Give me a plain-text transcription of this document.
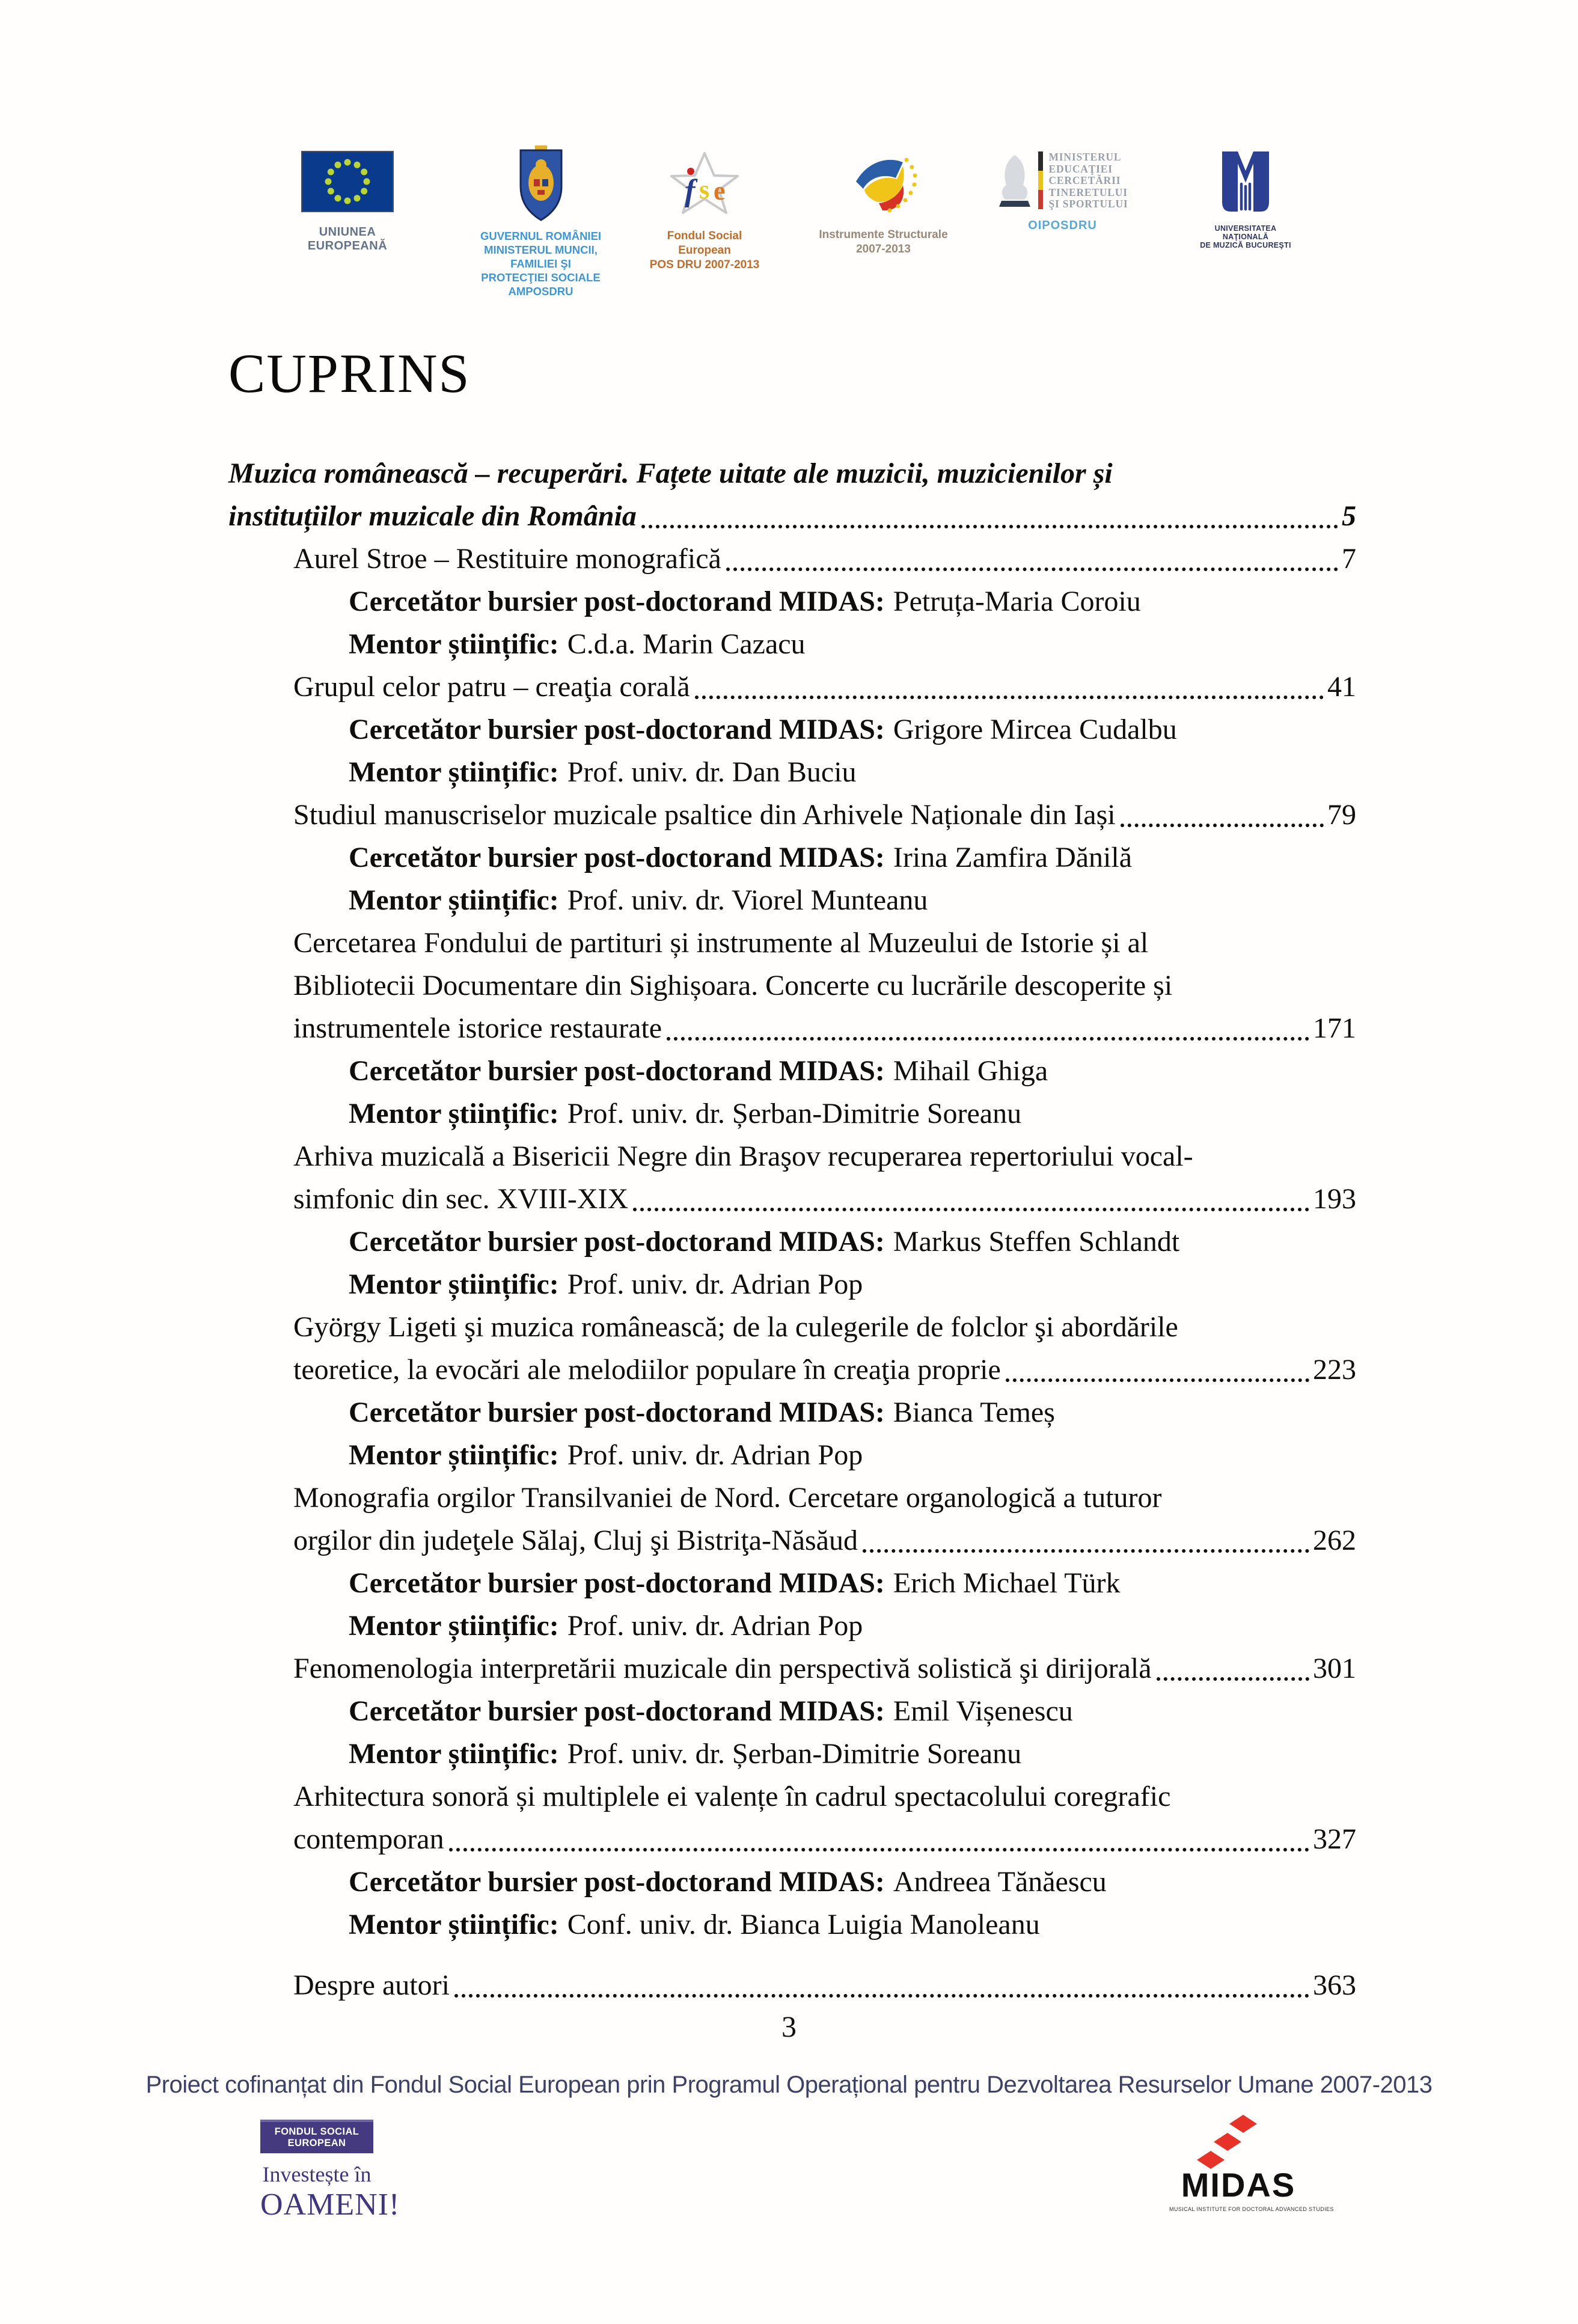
UNIUNEA EUROPEANĂ
GUVERNUL ROMÂNIEI
MINISTERUL MUNCII, FAMILIEI ŞI
PROTECŢIEI SOCIALE
AMPOSDRU
f s e
Fondul Social European
POS DRU 2007-2013
Instrumente Structurale
2007-2013
MINISTERUL
EDUCAŢIEI
CERCETĂRII
TINERETULUI
ŞI SPORTULUI
OIPOSDRU	UNIVERSITATEA NAŢIONALĂ
DE MUZICĂ BUCUREŞTI
CUPRINS
Muzica românească – recuperări. Fațete uitate ale muzicii, muzicienilor și
instituțiilor muzicale din România	5
Aurel Stroe – Restituire monografică	7
Cercetător bursier post-doctorand MIDAS: Petruța-Maria Coroiu
Mentor științific: C.d.a. Marin Cazacu
Grupul celor patru – creaţia corală	41
Cercetător bursier post-doctorand MIDAS: Grigore Mircea Cudalbu
Mentor științific: Prof. univ. dr. Dan Buciu
Studiul manuscriselor muzicale psaltice din Arhivele Naționale din Iași	79
Cercetător bursier post-doctorand MIDAS: Irina Zamfira Dănilă
Mentor științific: Prof. univ. dr. Viorel Munteanu
Cercetarea Fondului de partituri și instrumente al Muzeului de Istorie și al
Bibliotecii Documentare din Sighișoara. Concerte cu lucrările descoperite și
instrumentele istorice restaurate	171
Cercetător bursier post-doctorand MIDAS: Mihail Ghiga
Mentor științific: Prof. univ. dr. Șerban-Dimitrie Soreanu
Arhiva muzicală a Bisericii Negre din Braşov recuperarea repertoriului vocal-
simfonic din sec. XVIII-XIX	193
Cercetător bursier post-doctorand MIDAS: Markus Steffen Schlandt
Mentor științific: Prof. univ. dr. Adrian Pop
György Ligeti şi muzica românească; de la culegerile de folclor şi abordările
teoretice, la evocări ale melodiilor populare în creaţia proprie	223
Cercetător bursier post-doctorand MIDAS: Bianca Temeș
Mentor științific: Prof. univ. dr. Adrian Pop
Monografia orgilor Transilvaniei de Nord. Cercetare organologică a tuturor
orgilor din judeţele Sălaj, Cluj şi Bistriţa-Năsăud	262
Cercetător bursier post-doctorand MIDAS: Erich Michael Türk
Mentor științific: Prof. univ. dr. Adrian Pop
Fenomenologia interpretării muzicale din perspectivă solistică şi dirijorală	301
Cercetător bursier post-doctorand MIDAS: Emil Vișenescu
Mentor științific: Prof. univ. dr. Șerban-Dimitrie Soreanu
Arhitectura sonoră și multiplele ei valențe în cadrul spectacolului coregrafic
contemporan	327
Cercetător bursier post-doctorand MIDAS: Andreea Tănăescu
Mentor științific: Conf. univ. dr. Bianca Luigia Manoleanu
Despre autori	363
3
Proiect cofinanțat din Fondul Social European prin Programul Operațional pentru Dezvoltarea Resurselor Umane 2007-2013
FONDUL SOCIAL EUROPEAN
Investește în
OAMENI!
MIDAS
MUSICAL INSTITUTE FOR DOCTORAL ADVANCED STUDIES
